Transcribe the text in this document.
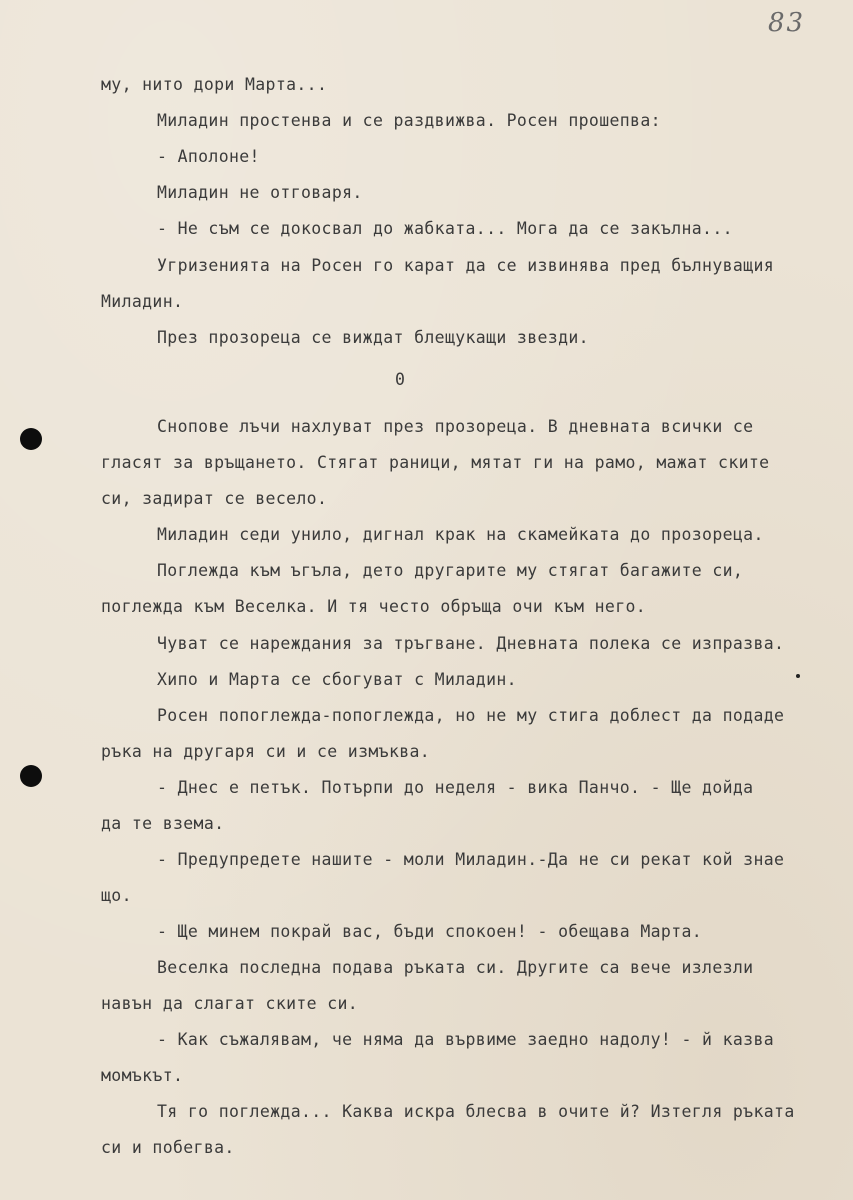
83
му, нито дори Марта...
Миладин простенва и се раздвижва. Росен прошепва:
- Аполоне!
Миладин не отговаря.
- Не съм се докосвал до жабката... Мога да се закълна...
Угризенията на Росен го карат да се извинява пред бълнуващия
Миладин.
През прозореца се виждат блещукащи звезди.
0
Снопове лъчи нахлуват през прозореца. В дневната всички се
гласят за връщането. Стягат раници, мятат ги на рамо, мажат ските
си, задират се весело.
Миладин седи унило, дигнал крак на скамейката до прозореца.
Поглежда към ъгъла, дето другарите му стягат багажите си,
поглежда към Веселка. И тя често обръща очи към него.
Чуват се нареждания за тръгване. Дневната полека се изпразва.
Хипо и Марта се сбогуват с Миладин.
Росен попоглежда-попоглежда, но не му стига доблест да подаде
ръка на другаря си и се измъква.
- Днес е петък. Потърпи до неделя - вика Панчо. - Ще дойда
да те взема.
- Предупредете нашите - моли Миладин.-Да не си рекат кой знае
що.
- Ще минем покрай вас, бъди спокоен! - обещава Марта.
Веселка последна подава ръката си. Другите са вече излезли
навън да слагат ските си.
- Как съжалявам, че няма да вървиме заедно надолу! - й казва
момъкът.
Тя го поглежда... Каква искра блесва в очите й? Изтегля ръката
си и побегва.
